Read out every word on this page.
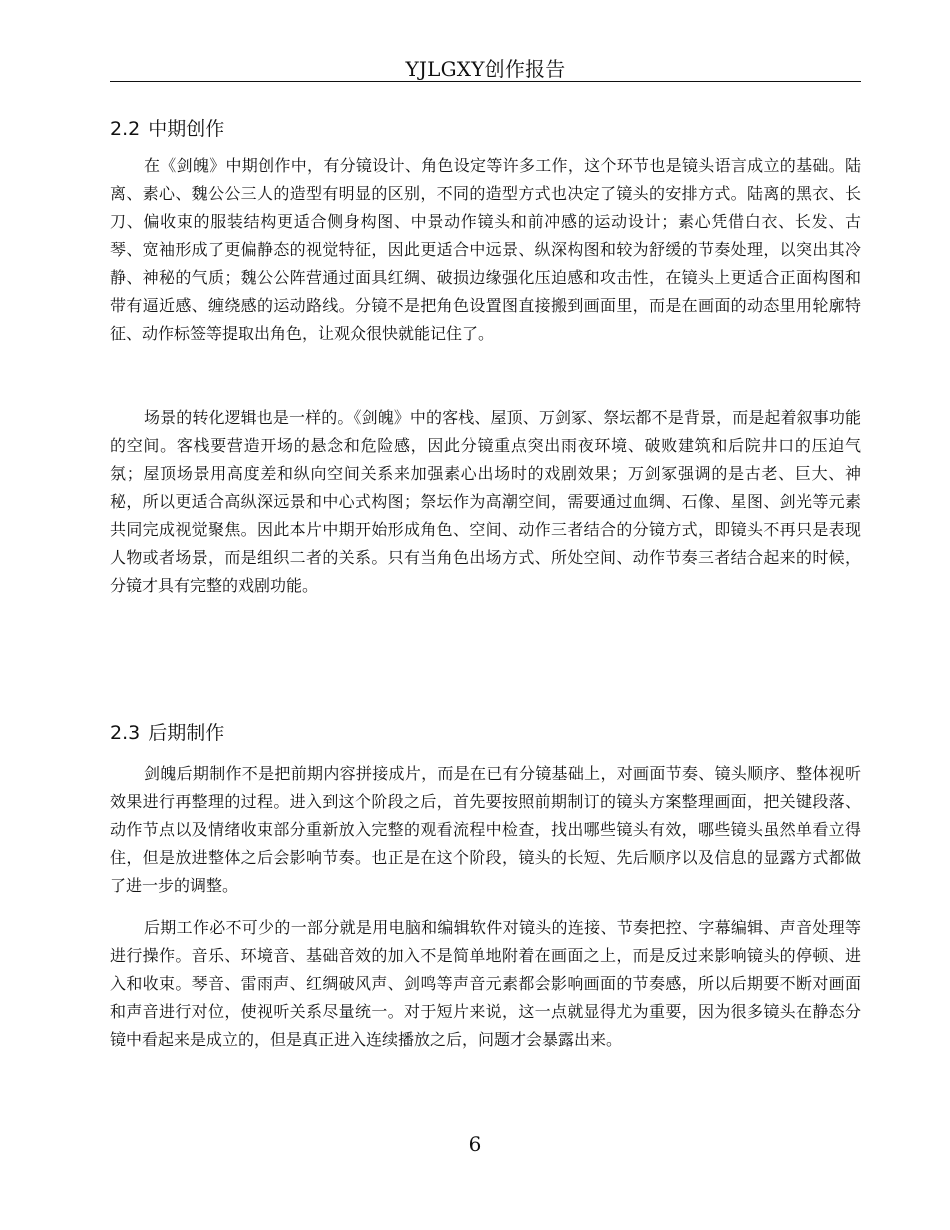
YJLGXY创作报告
2.2 中期创作

在《剑魄》中期创作中，有分镜设计、角色设定等许多工作，这个环节也是镜头语言成立的基础。陆离、素心、魏公公三人的造型有明显的区别，不同的造型方式也决定了镜头的安排方式。陆离的黑衣、长刀、偏收束的服装结构更适合侧身构图、中景动作镜头和前冲感的运动设计；素心凭借白衣、长发、古琴、宽袖形成了更偏静态的视觉特征，因此更适合中远景、纵深构图和较为舒缓的节奏处理，以突出其冷静、神秘的气质；魏公公阵营通过面具红绸、破损边缘强化压迫感和攻击性，在镜头上更适合正面构图和带有逼近感、缠绕感的运动路线。分镜不是把角色设置图直接搬到画面里，而是在画面的动态里用轮廓特征、动作标签等提取出角色，让观众很快就能记住了。

场景的转化逻辑也是一样的。《剑魄》中的客栈、屋顶、万剑冢、祭坛都不是背景，而是起着叙事功能的空间。客栈要营造开场的悬念和危险感，因此分镜重点突出雨夜环境、破败建筑和后院井口的压迫气氛；屋顶场景用高度差和纵向空间关系来加强素心出场时的戏剧效果；万剑冢强调的是古老、巨大、神秘，所以更适合高纵深远景和中心式构图；祭坛作为高潮空间，需要通过血绸、石像、星图、剑光等元素共同完成视觉聚焦。因此本片中期开始形成角色、空间、动作三者结合的分镜方式，即镜头不再只是表现人物或者场景，而是组织二者的关系。只有当角色出场方式、所处空间、动作节奏三者结合起来的时候，分镜才具有完整的戏剧功能。

2.3 后期制作

剑魄后期制作不是把前期内容拼接成片，而是在已有分镜基础上，对画面节奏、镜头顺序、整体视听效果进行再整理的过程。进入到这个阶段之后，首先要按照前期制订的镜头方案整理画面，把关键段落、动作节点以及情绪收束部分重新放入完整的观看流程中检查，找出哪些镜头有效，哪些镜头虽然单看立得住，但是放进整体之后会影响节奏。也正是在这个阶段，镜头的长短、先后顺序以及信息的显露方式都做了进一步的调整。

后期工作必不可少的一部分就是用电脑和编辑软件对镜头的连接、节奏把控、字幕编辑、声音处理等进行操作。音乐、环境音、基础音效的加入不是简单地附着在画面之上，而是反过来影响镜头的停顿、进入和收束。琴音、雷雨声、红绸破风声、剑鸣等声音元素都会影响画面的节奏感，所以后期要不断对画面和声音进行对位，使视听关系尽量统一。对于短片来说，这一点就显得尤为重要，因为很多镜头在静态分镜中看起来是成立的，但是真正进入连续播放之后，问题才会暴露出来。

6
